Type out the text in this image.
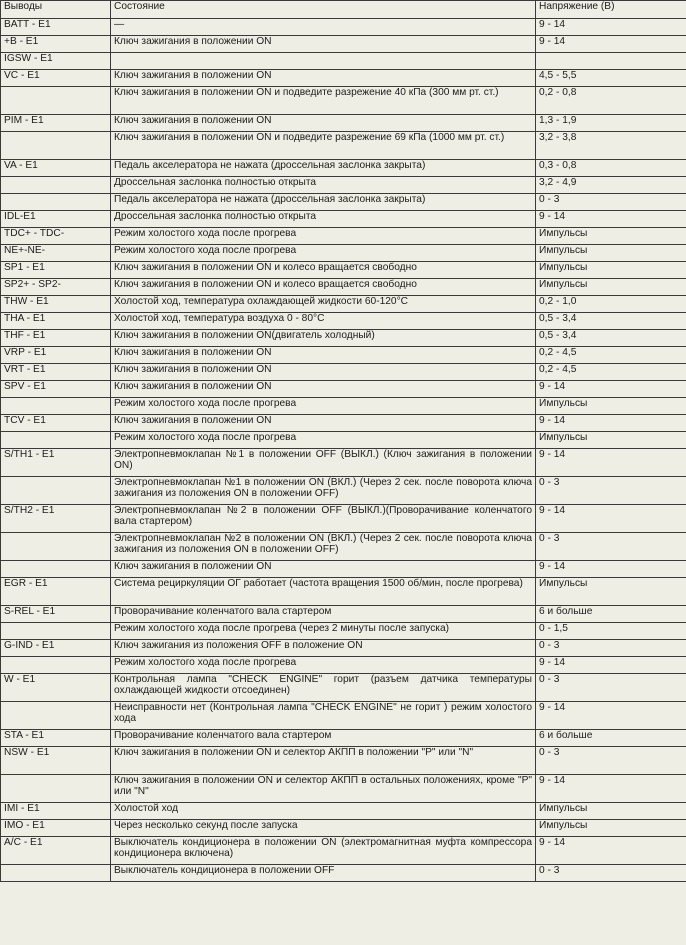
Выводы	Состояние	Напряжение (В)
BATT - E1	—	9 - 14
+B - E1	Ключ зажигания в положении ON	9 - 14
IGSW - E1		
VC - E1	Ключ зажигания в положении ON	4,5 - 5,5
	Ключ зажигания в положении ON и подведите разрежение 40 кПа (300 мм рт. ст.)	0,2 - 0,8
PIM - E1	Ключ зажигания в положении ON	1,3 - 1,9
	Ключ зажигания в положении ON и подведите разрежение 69 кПа (1000 мм рт. ст.)	3,2 - 3,8
VA - E1	Педаль акселератора не нажата (дроссельная заслонка закрыта)	0,3 - 0,8
	Дроссельная заслонка полностью открыта	3,2 - 4,9
	Педаль акселератора не нажата (дроссельная заслонка закрыта)	0 - 3
IDL-E1	Дроссельная заслонка полностью открыта	9 - 14
TDC+ - TDC-	Режим холостого хода после прогрева	Импульсы
NE+-NE-	Режим холостого хода после прогрева	Импульсы
SP1 - E1	Ключ зажигания в положении ON и колесо вращается свободно	Импульсы
SP2+ - SP2-	Ключ зажигания в положении ON и колесо вращается свободно	Импульсы
THW - E1	Холостой ход, температура охлаждающей жидкости 60-120°С	0,2 - 1,0
THA - E1	Холостой ход, температура воздуха 0 - 80°С	0,5 - 3,4
THF - E1	Ключ зажигания в положении ON(двигатель холодный)	0,5 - 3,4
VRP - E1	Ключ зажигания в положении ON	0,2 - 4,5
VRT - E1	Ключ зажигания в положении ON	0,2 - 4,5
SPV - E1	Ключ зажигания в положении ON	9 - 14
	Режим холостого хода после прогрева	Импульсы
TCV - E1	Ключ зажигания в положении ON	9 - 14
	Режим холостого хода после прогрева	Импульсы
S/TH1 - E1	Электропневмоклапан №1 в положении OFF (ВЫКЛ.) (Ключ зажигания в положении ON)	9 - 14
	Электропневмоклапан №1 в положении ON (ВКЛ.) (Через 2 сек. после поворота ключа зажигания из положения ON в положении OFF)	0 - 3
S/TH2 - E1	Электропневмоклапан №2 в положении OFF (ВЫКЛ.)(Проворачивание коленчатого вала стартером)	9 - 14
	Электропневмоклапан №2 в положении ON (ВКЛ.) (Через 2 сек. после поворота ключа зажигания из положения ON в положении OFF)	0 - 3
	Ключ зажигания в положении ON	9 - 14
EGR - E1	Система рециркуляции ОГ работает (частота вращения 1500 об/мин, после прогрева)	Импульсы
S-REL - E1	Проворачивание коленчатого вала стартером	6 и больше
	Режим холостого хода после прогрева (через 2 минуты после запуска)	0 - 1,5
G-IND - E1	Ключ зажигания из положения OFF в положение ON	0 - 3
	Режим холостого хода после прогрева	9 - 14
W - E1	Контрольная лампа "CHECK ENGINE" горит (разъем датчика температуры охлаждающей жидкости отсоединен)	0 - 3
	Неисправности нет (Контрольная лампа "CHECK ENGINE" не горит ) режим холостого хода	9 - 14
STA - E1	Проворачивание коленчатого вала стартером	6 и больше
NSW - E1	Ключ зажигания в положении ON и селектор АКПП в положении "Р" или "N"	0 - 3
	Ключ зажигания в положении ON и селектор АКПП в остальных положениях, кроме "Р" или "N"	9 - 14
IMI - E1	Холостой ход	Импульсы
IMO - E1	Через несколько секунд после запуска	Импульсы
A/C - E1	Выключатель кондиционера в положении ON (электромагнитная муфта компрессора кондиционера включена)	9 - 14
	Выключатель кондиционера в положении OFF	0 - 3
